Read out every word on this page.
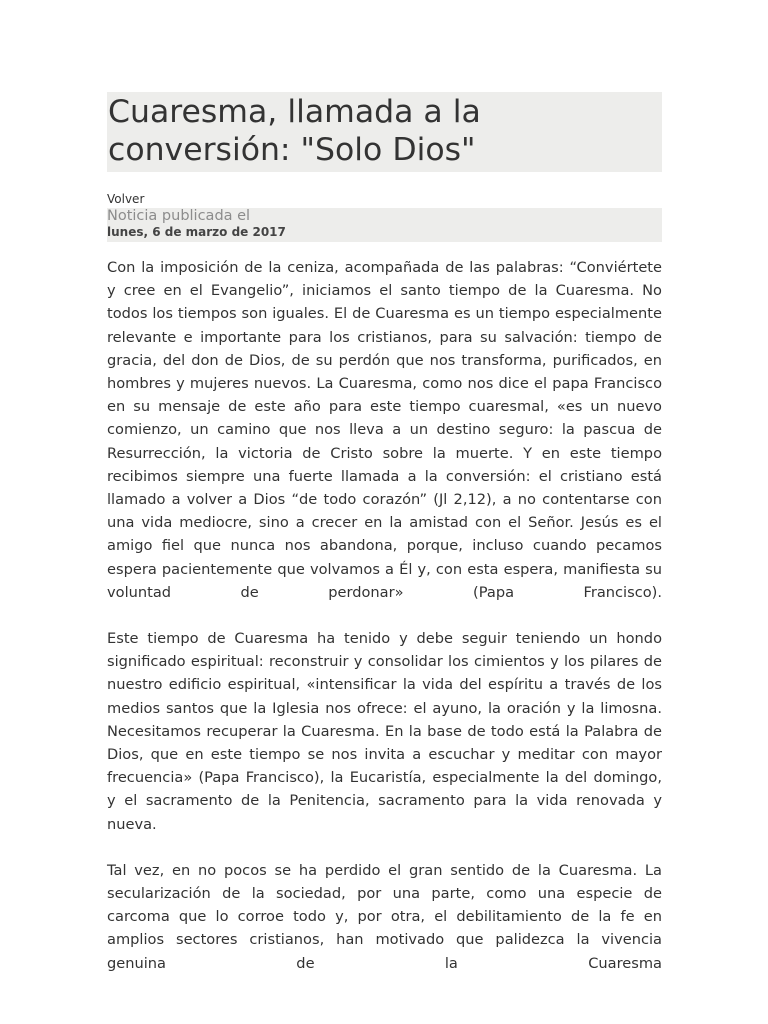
Cuaresma, llamada a la conversión: "Solo Dios"
Volver
Noticia publicada el
lunes, 6 de marzo de 2017

Con la imposición de la ceniza, acompañada de las palabras: “Conviértete y cree en el Evangelio”, iniciamos el santo tiempo de la Cuaresma. No todos los tiempos son iguales. El de Cuaresma es un tiempo especialmente relevante e importante para los cristianos, para su salvación: tiempo de gracia, del don de Dios, de su perdón que nos transforma, purificados, en hombres y mujeres nuevos. La Cuaresma, como nos dice el papa Francisco en su mensaje de este año para este tiempo cuaresmal, «es un nuevo comienzo, un camino que nos lleva a un destino seguro: la pascua de Resurrección, la victoria de Cristo sobre la muerte. Y en este tiempo recibimos siempre una fuerte llamada a la conversión: el cristiano está llamado a volver a Dios “de todo corazón” (Jl 2,12), a no contentarse con una vida mediocre, sino a crecer en la amistad con el Señor. Jesús es el amigo fiel que nunca nos abandona, porque, incluso cuando pecamos espera pacientemente que volvamos a Él y, con esta espera, manifiesta su voluntad de perdonar» (Papa Francisco).

Este tiempo de Cuaresma ha tenido y debe seguir teniendo un hondo significado espiritual: reconstruir y consolidar los cimientos y los pilares de nuestro edificio espiritual, «intensificar la vida del espíritu a través de los medios santos que la Iglesia nos ofrece: el ayuno, la oración y la limosna. Necesitamos recuperar la Cuaresma. En la base de todo está la Palabra de Dios, que en este tiempo se nos invita a escuchar y meditar con mayor frecuencia» (Papa Francisco), la Eucaristía, especialmente la del domingo, y el sacramento de la Penitencia, sacramento para la vida renovada y nueva.

Tal vez, en no pocos se ha perdido el gran sentido de la Cuaresma. La secularización de la sociedad, por una parte, como una especie de carcoma que lo corroe todo y, por otra, el debilitamiento de la fe en amplios sectores cristianos, han motivado que palidezca la vivencia genuina de la Cuaresma
